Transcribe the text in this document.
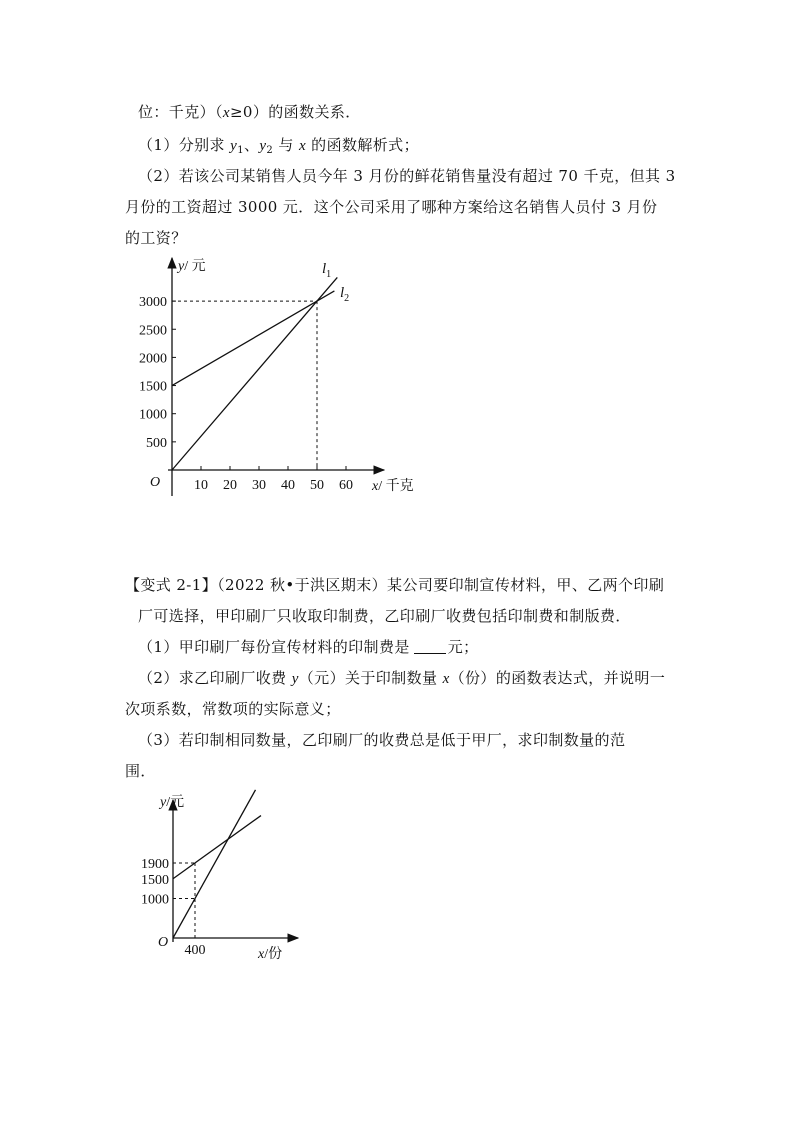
位：千克）（x≥0）的函数关系．
（1）分别求 $y_1$、$y_2$ 与 x 的函数解析式；
（2）若该公司某销售人员今年 3 月份的鲜花销售量没有超过 70 千克，但其 3
月份的工资超过 3000 元．这个公司采用了哪种方案给这名销售人员付 3 月份
的工资？
y/ 元
x/ 千克
O 10 20 30 40 50 60
500
1000
1500
2000
2500
3000
$l_1$
$l_2$
【变式 2-1】（2022 秋•于洪区期末）某公司要印制宣传材料，甲、乙两个印刷
厂可选择，甲印刷厂只收取印制费，乙印刷厂收费包括印制费和制版费．
（1）甲印刷厂每份宣传材料的印制费是	元；
（2）求乙印刷厂收费 y（元）关于印制数量 x（份）的函数表达式，并说明一
次项系数，常数项的实际意义；
（3）若印制相同数量，乙印刷厂的收费总是低于甲厂，求印制数量的范
围．
y/元
x/份
O
400
1000
1500
1900
